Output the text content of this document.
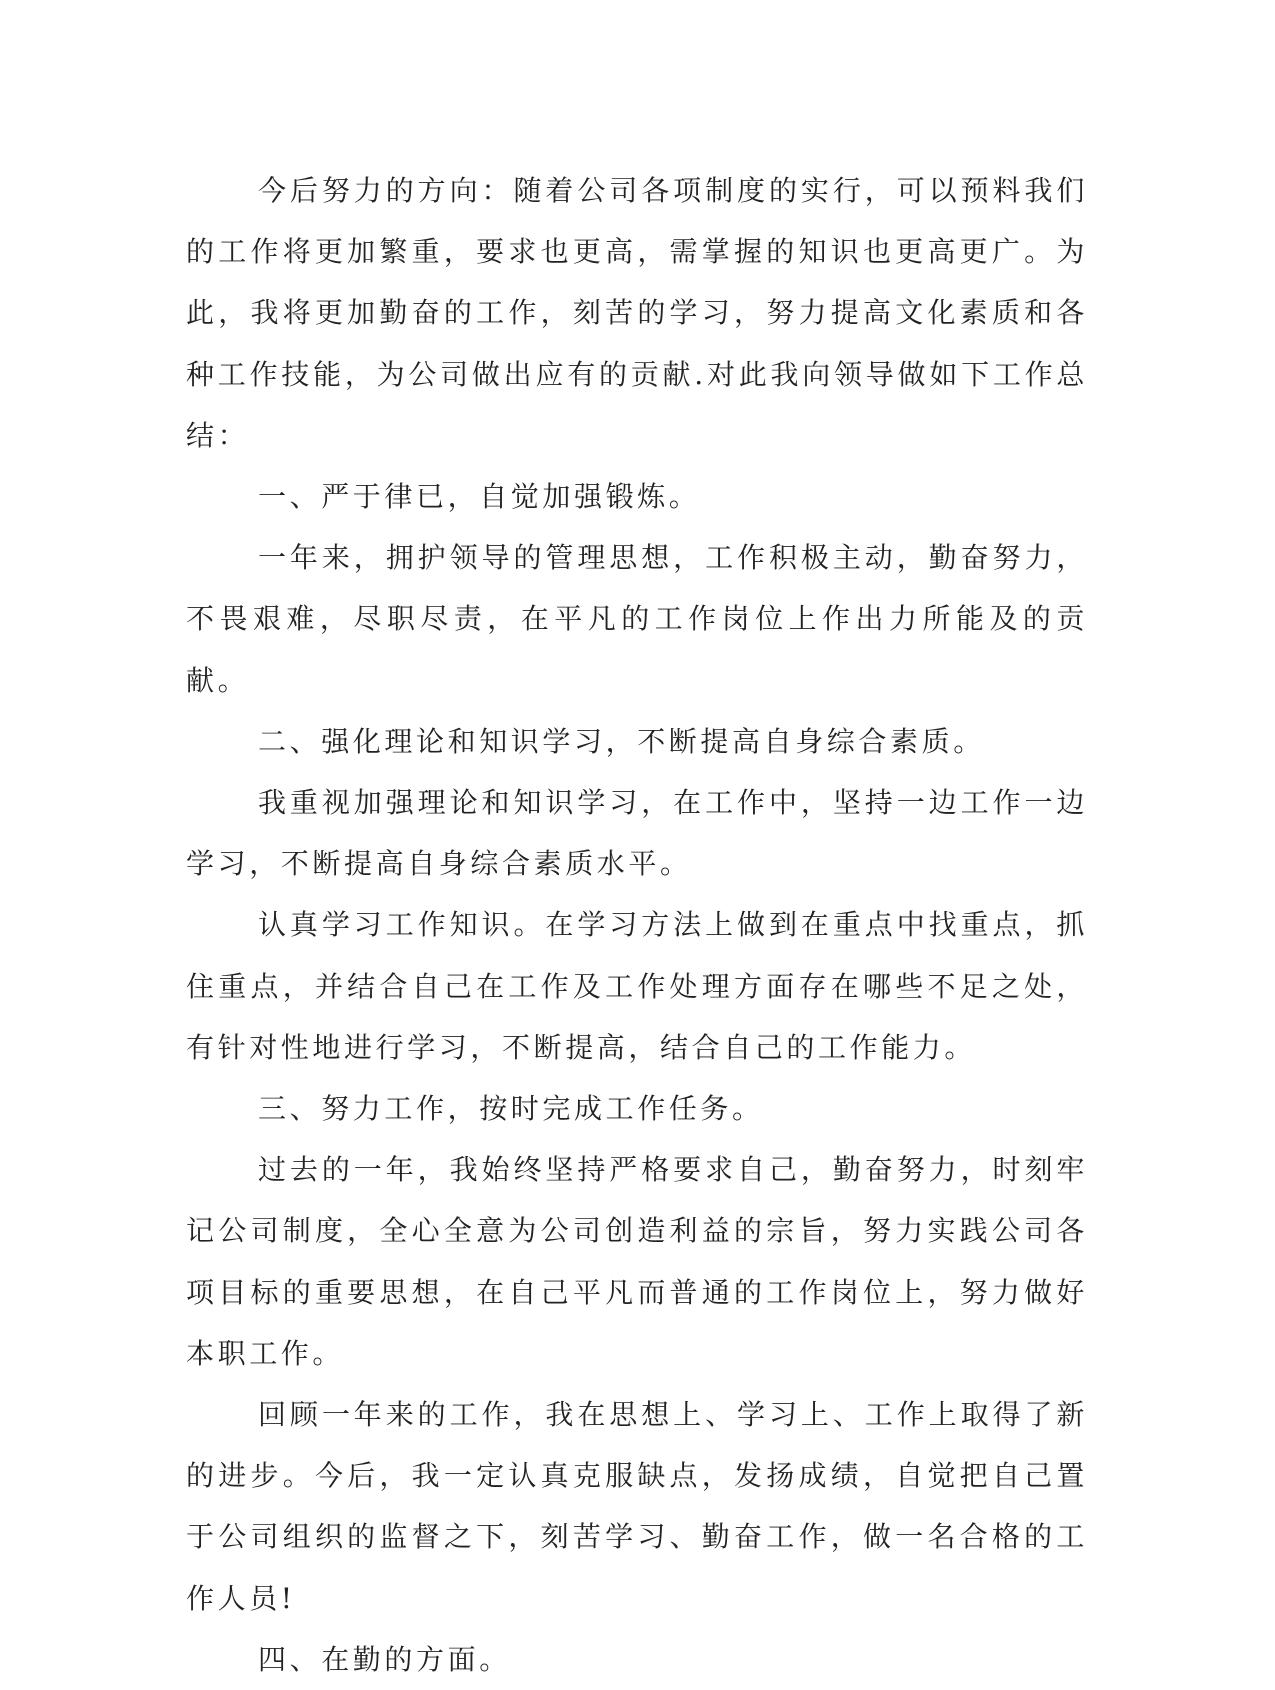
今后努力的方向：随着公司各项制度的实行，可以预料我们的工作将更加繁重，要求也更高，需掌握的知识也更高更广。为此，我将更加勤奋的工作，刻苦的学习，努力提高文化素质和各种工作技能，为公司做出应有的贡献.对此我向领导做如下工作总结：

一、严于律已，自觉加强锻炼。

一年来，拥护领导的管理思想，工作积极主动，勤奋努力，不畏艰难，尽职尽责，在平凡的工作岗位上作出力所能及的贡献。

二、强化理论和知识学习，不断提高自身综合素质。

我重视加强理论和知识学习，在工作中，坚持一边工作一边学习，不断提高自身综合素质水平。

认真学习工作知识。在学习方法上做到在重点中找重点，抓住重点，并结合自己在工作及工作处理方面存在哪些不足之处，有针对性地进行学习，不断提高，结合自己的工作能力。

三、努力工作，按时完成工作任务。

过去的一年，我始终坚持严格要求自己，勤奋努力，时刻牢记公司制度，全心全意为公司创造利益的宗旨，努力实践公司各项目标的重要思想，在自己平凡而普通的工作岗位上，努力做好本职工作。

回顾一年来的工作，我在思想上、学习上、工作上取得了新的进步。今后，我一定认真克服缺点，发扬成绩，自觉把自己置于公司组织的监督之下，刻苦学习、勤奋工作，做一名合格的工作人员!

四、在勤的方面。
